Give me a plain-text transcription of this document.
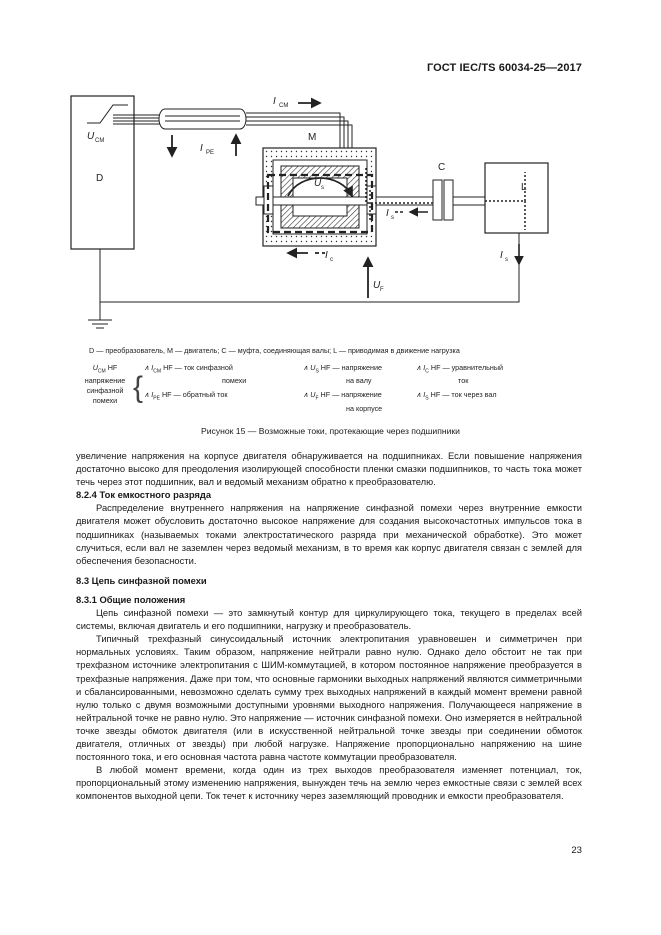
ГОСТ IEC/TS 60034-25—2017
D
M
C
L
U CM
I CM
I PE
U s
I s
I s
I c
U F
D — преобразователь, M — двигатель; C — муфта, соединяющая валы; L — приводимая в движение нагрузка
$U_{CM}$ HF
напряжение
синфазной
помехи {
∧ $I_{CM}$ HF — ток синфазной
помехи
∧ $I_{PE}$ HF — обратный ток
∧ $U_S$ HF — напряжение
на валу
∧ $U_F$ HF — напряжение
на корпусе
∧ $I_C$ HF — уравнительный
ток
∧ $I_S$ HF — ток через вал
Рисунок 15 — Возможные токи, протекающие через подшипники

увеличение напряжения на корпусе двигателя обнаруживается на подшипниках. Если повышение напряжения достаточно высоко для преодоления изолирующей способности пленки смазки подшипников, то часть тока может течь через этот подшипник, вал и ведомый механизм обратно к преобразователю.

8.2.4 Ток емкостного разряда

Распределение внутреннего напряжения на напряжение синфазной помехи через внутренние емкости двигателя может обусловить достаточно высокое напряжение для создания высокочастотных импульсов тока в подшипниках (называемых токами электростатического разряда при механической обработке). Это может случиться, если вал не заземлен через ведомый механизм, в то время как корпус двигателя связан с землей для обеспечения безопасности.

8.3 Цепь синфазной помехи

8.3.1 Общие положения

Цепь синфазной помехи — это замкнутый контур для циркулирующего тока, текущего в пределах всей системы, включая двигатель и его подшипники, нагрузку и преобразователь.

Типичный трехфазный синусоидальный источник электропитания уравновешен и симметричен при нормальных условиях. Таким образом, напряжение нейтрали равно нулю. Однако дело обстоит не так при трехфазном источнике электропитания с ШИМ-коммутацией, в котором постоянное напряжение преобразуется в трехфазные напряжения. Даже при том, что основные гармоники выходных напряжений являются симметричными и сбалансированными, невозможно сделать сумму трех выходных напряжений в каждый момент времени равной нулю только с двумя возможными доступными уровнями выходного напряжения. Получающееся напряжение в нейтральной точке не равно нулю. Это напряжение — источник синфазной помехи. Оно измеряется в нейтральной точке звезды обмоток двигателя (или в искусственной нейтральной точке звезды при соединении обмоток двигателя, отличных от звезды) при любой нагрузке. Напряжение пропорционально напряжению на шине постоянного тока, и его основная частота равна частоте коммутации преобразователя.

В любой момент времени, когда один из трех выходов преобразователя изменяет потенциал, ток, пропорциональный этому изменению напряжения, вынужден течь на землю через емкостные связи с землей всех компонентов выходной цепи. Ток течет к источнику через заземляющий проводник и емкости преобразователя.

23
